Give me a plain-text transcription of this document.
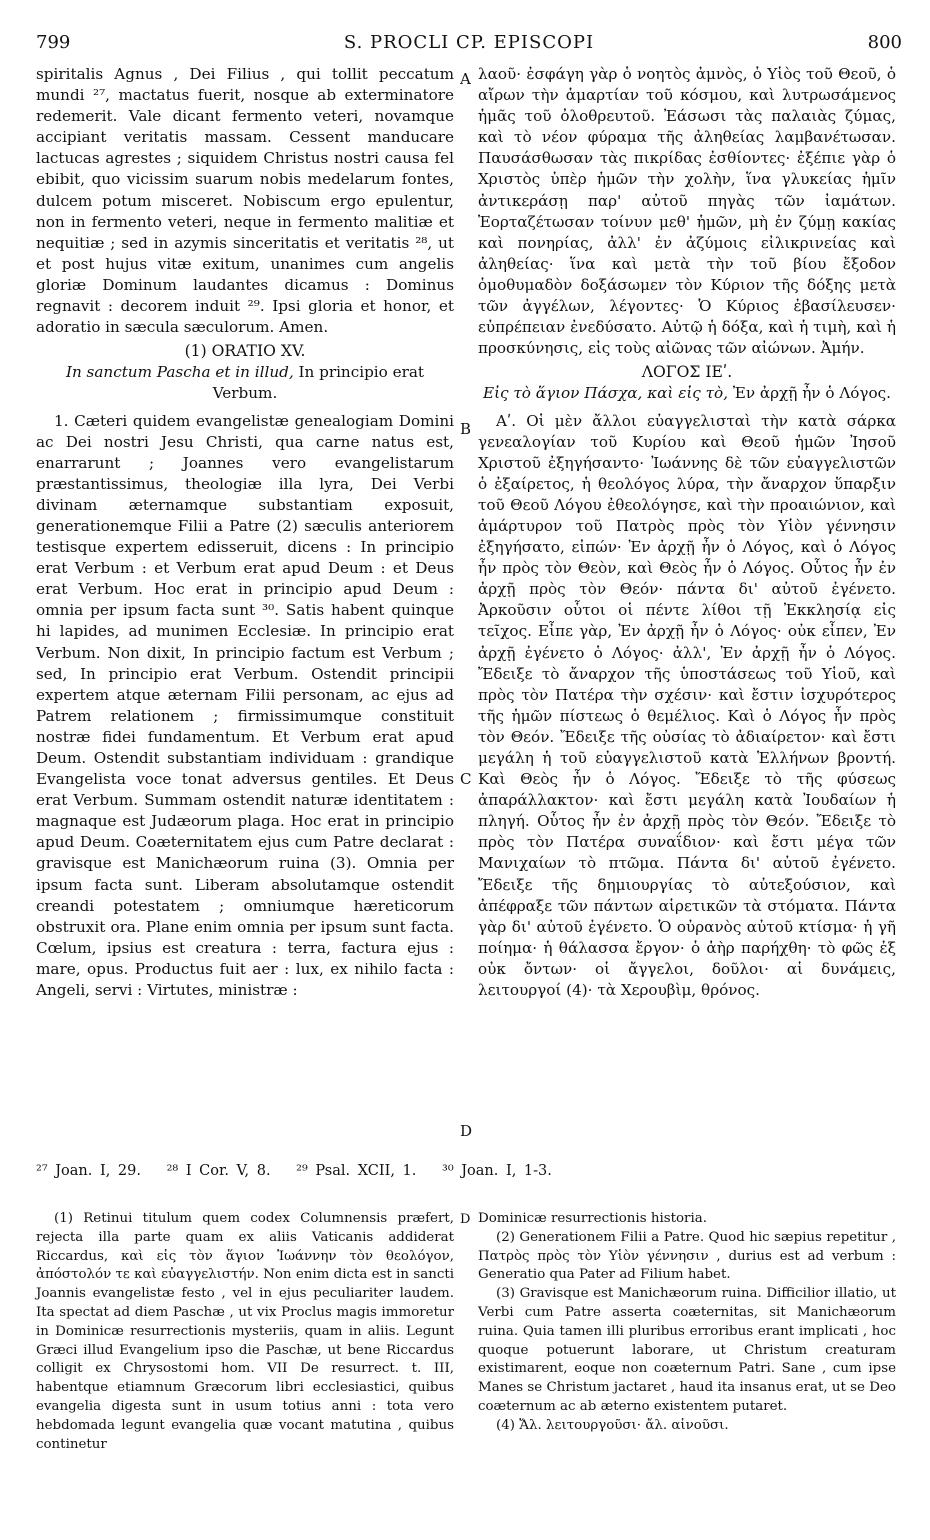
799	S. PROCLI CP. EPISCOPI	800

spiritalis Agnus , Dei Filius , qui tollit peccatum mundi ²⁷, mactatus fuerit, nosque ab exterminatore redemerit. Vale dicant fermento veteri, novamque accipiant veritatis massam. Cessent manducare lactucas agrestes ; siquidem Christus nostri causa fel ebibit, quo vicissim suarum nobis medelarum fontes, dulcem potum misceret. Nobiscum ergo epulentur, non in fermento veteri, neque in fermento malitiæ et nequitiæ ; sed in azymis sinceritatis et veritatis ²⁸, ut et post hujus vitæ exitum, unanimes cum angelis gloriæ Dominum laudantes dicamus : Dominus regnavit : decorem induit ²⁹. Ipsi gloria et honor, et adoratio in sæcula sæculorum. Amen.

(1) ORATIO XV.
In sanctum Pascha et in illud, In principio erat Verbum.

1. Cæteri quidem evangelistæ genealogiam Domini ac Dei nostri Jesu Christi, qua carne natus est, enarrarunt ; Joannes vero evangelistarum præstantissimus, theologiæ illa lyra, Dei Verbi divinam æternamque substantiam exposuit, generationemque Filii a Patre (2) sæculis anteriorem testisque expertem edisseruit, dicens : In principio erat Verbum : et Verbum erat apud Deum : et Deus erat Verbum. Hoc erat in principio apud Deum : omnia per ipsum facta sunt ³⁰. Satis habent quinque hi lapides, ad munimen Ecclesiæ. In principio erat Verbum. Non dixit, In principio factum est Verbum ; sed, In principio erat Verbum. Ostendit principii expertem atque æternam Filii personam, ac ejus ad Patrem relationem ; firmissimumque constituit nostræ fidei fundamentum. Et Verbum erat apud Deum. Ostendit substantiam individuam : grandique Evangelista voce tonat adversus gentiles. Et Deus erat Verbum. Summam ostendit naturæ identitatem : magnaque est Judæorum plaga. Hoc erat in principio apud Deum. Coæternitatem ejus cum Patre declarat : gravisque est Manichæorum ruina (3). Omnia per ipsum facta sunt. Liberam absolutamque ostendit creandi potestatem ; omniumque hæreticorum obstruxit ora. Plane enim omnia per ipsum sunt facta. Cœlum, ipsius est creatura : terra, factura ejus : mare, opus. Productus fuit aer : lux, ex nihilo facta : Angeli, servi : Virtutes, ministræ :

λαοῦ· ἐσφάγη γὰρ ὁ νοητὸς ἀμνὸς, ὁ Υἱὸς τοῦ Θεοῦ, ὁ αἴρων τὴν ἁμαρτίαν τοῦ κόσμου, καὶ λυτρωσάμενος ἡμᾶς τοῦ ὀλοθρευτοῦ. Ἐάσωσι τὰς παλαιὰς ζύμας, καὶ τὸ νέον φύραμα τῆς ἀληθείας λαμβανέτωσαν. Παυσάσθωσαν τὰς πικρίδας ἐσθίοντες· ἐξέπιε γὰρ ὁ Χριστὸς ὑπὲρ ἡμῶν τὴν χολὴν, ἵνα γλυκείας ἡμῖν ἀντικεράσῃ παρ' αὐτοῦ πηγὰς τῶν ἰαμάτων. Ἑορταζέτωσαν τοίνυν μεθ' ἡμῶν, μὴ ἐν ζύμῃ κακίας καὶ πονηρίας, ἀλλ' ἐν ἀζύμοις εἰλικρινείας καὶ ἀληθείας· ἵνα καὶ μετὰ τὴν τοῦ βίου ἔξοδον ὁμοθυμαδὸν δοξάσωμεν τὸν Κύριον τῆς δόξης μετὰ τῶν ἀγγέλων, λέγοντες· Ὁ Κύριος ἐβασίλευσεν· εὐπρέπειαν ἐνεδύσατο. Αὐτῷ ἡ δόξα, καὶ ἡ τιμὴ, καὶ ἡ προσκύνησις, εἰς τοὺς αἰῶνας τῶν αἰώνων. Ἀμήν.

ΛΟΓΟΣ ΙΕʹ.
Εἰς τὸ ἅγιον Πάσχα, καὶ εἰς τὸ, Ἐν ἀρχῇ ἦν ὁ Λόγος.

Αʹ. Οἱ μὲν ἄλλοι εὐαγγελισταὶ τὴν κατὰ σάρκα γενεαλογίαν τοῦ Κυρίου καὶ Θεοῦ ἡμῶν Ἰησοῦ Χριστοῦ ἐξηγήσαντο· Ἰωάννης δὲ τῶν εὐαγγελιστῶν ὁ ἐξαίρετος, ἡ θεολόγος λύρα, τὴν ἄναρχον ὕπαρξιν τοῦ Θεοῦ Λόγου ἐθεολόγησε, καὶ τὴν προαιώνιον, καὶ ἀμάρτυρον τοῦ Πατρὸς πρὸς τὸν Υἱὸν γέννησιν ἐξηγήσατο, εἰπών· Ἐν ἀρχῇ ἦν ὁ Λόγος, καὶ ὁ Λόγος ἦν πρὸς τὸν Θεὸν, καὶ Θεὸς ἦν ὁ Λόγος. Οὗτος ἦν ἐν ἀρχῇ πρὸς τὸν Θεόν· πάντα δι' αὐτοῦ ἐγένετο. Ἀρκοῦσιν οὗτοι οἱ πέντε λίθοι τῇ Ἐκκλησίᾳ εἰς τεῖχος. Εἶπε γὰρ, Ἐν ἀρχῇ ἦν ὁ Λόγος· οὐκ εἶπεν, Ἐν ἀρχῇ ἐγένετο ὁ Λόγος· ἀλλ', Ἐν ἀρχῇ ἦν ὁ Λόγος. Ἔδειξε τὸ ἄναρχον τῆς ὑποστάσεως τοῦ Υἱοῦ, καὶ πρὸς τὸν Πατέρα τὴν σχέσιν· καὶ ἔστιν ἰσχυρότερος τῆς ἡμῶν πίστεως ὁ θεμέλιος. Καὶ ὁ Λόγος ἦν πρὸς τὸν Θεόν. Ἔδειξε τῆς οὐσίας τὸ ἀδιαίρετον· καὶ ἔστι μεγάλη ἡ τοῦ εὐαγγελιστοῦ κατὰ Ἑλλήνων βροντή. Καὶ Θεὸς ἦν ὁ Λόγος. Ἔδειξε τὸ τῆς φύσεως ἀπαράλλακτον· καὶ ἔστι μεγάλη κατὰ Ἰουδαίων ἡ πληγή. Οὗτος ἦν ἐν ἀρχῇ πρὸς τὸν Θεόν. Ἔδειξε τὸ πρὸς τὸν Πατέρα συναΐδιον· καὶ ἔστι μέγα τῶν Μανιχαίων τὸ πτῶμα. Πάντα δι' αὐτοῦ ἐγένετο. Ἔδειξε τῆς δημιουργίας τὸ αὐτεξούσιον, καὶ ἀπέφραξε τῶν πάντων αἱρετικῶν τὰ στόματα. Πάντα γὰρ δι' αὐτοῦ ἐγένετο. Ὁ οὐρανὸς αὐτοῦ κτίσμα· ἡ γῆ ποίημα· ἡ θάλασσα ἔργον· ὁ ἀὴρ παρήχθη· τὸ φῶς ἐξ οὐκ ὄντων· οἱ ἄγγελοι, δοῦλοι· αἱ δυνάμεις, λειτουργοί (4)· τὰ Χερουβὶμ, θρόνος.

A
B
C
D
²⁷ Joan. I, 29. ²⁸ I Cor. V, 8. ²⁹ Psal. XCII, 1. ³⁰ Joan. I, 1-3.

(1) Retinui titulum quem codex Columnensis præfert, rejecta illa parte quam ex aliis Vaticanis addiderat Riccardus, καὶ εἰς τὸν ἅγιον Ἰωάννην τὸν θεολόγον, ἀπόστολόν τε καὶ εὐαγγελιστήν. Non enim dicta est in sancti Joannis evangelistæ festo , vel in ejus peculiariter laudem. Ita spectat ad diem Paschæ , ut vix Proclus magis immoretur in Dominicæ resurrectionis mysteriis, quam in aliis. Legunt Græci illud Evangelium ipso die Paschæ, ut bene Riccardus colligit ex Chrysostomi hom. VII De resurrect. t. III, habentque etiamnum Græcorum libri ecclesiastici, quibus evangelia digesta sunt in usum totius anni : tota vero hebdomada legunt evangelia quæ vocant matutina , quibus continetur

D Dominicæ resurrectionis historia.

(2) Generationem Filii a Patre. Quod hic sæpius repetitur , Πατρὸς πρὸς τὸν Υἱὸν γέννησιν , durius est ad verbum : Generatio qua Pater ad Filium habet.

(3) Gravisque est Manichæorum ruina. Difficilior illatio, ut Verbi cum Patre asserta coæternitas, sit Manichæorum ruina. Quia tamen illi pluribus erroribus erant implicati , hoc quoque potuerunt laborare, ut Christum creaturam existimarent, eoque non coæternum Patri. Sane , cum ipse Manes se Christum jactaret , haud ita insanus erat, ut se Deo coæternum ac ab æterno existentem putaret.

(4) Ἄλ. λειτουργοῦσι· ἄλ. αἰνοῦσι.
